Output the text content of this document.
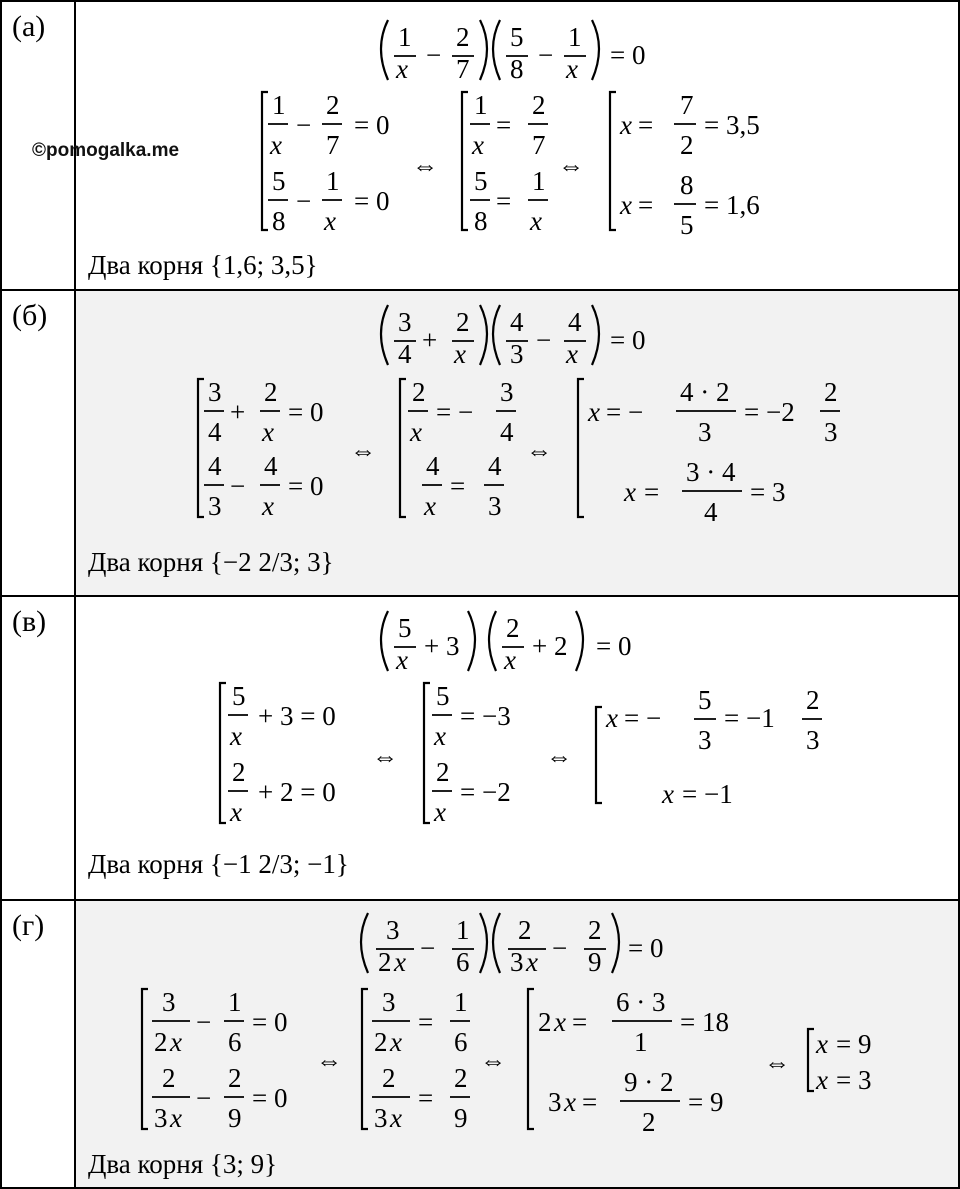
(а)	1
x −
2
7
5
8 −
1
x = 0
1
x
−
2
7
= 0
5
8
−
1
x
= 0
⇔
1
x
=
2
7
5
8
=
1
x
⇔
x =
7
2
= 3,5
x =
8
5
= 1,6
Два корня {1,6; 3,5}
©pomogalka.me
(б)	3
4 +
2
x
4
3 −
4
x = 0
3
4
+
2
x
= 0
4
3
−
4
x
= 0
⇔
2
x
= −
3
4
4
x
=
4
3
⇔
x = −
4 · 2
3
= −2
2
3
x =
3 · 4
4
= 3
Два корня {−2 2/3; 3}
(в)	5
x + 3
2
x + 2 = 0
5
x
+ 3 = 0
2
x
+ 2 = 0
⇔
5
x
= −3
2
x
= −2
⇔
x = −
5
3
= −1
2
3
x = −1
Два корня {−1 2/3; −1}
(г)	3
2 x −
1
6
2
3 x −
2
9 = 0
3
2 x
−
1
6
= 0
2
3 x
−
2
9
= 0
⇔
3
2 x
=
1
6
2
3 x
=
2
9
⇔
2 x =
6 · 3
1
= 18
3 x =
9 · 2
2
= 9
⇔
x = 9
x = 3
Два корня {3; 9}
